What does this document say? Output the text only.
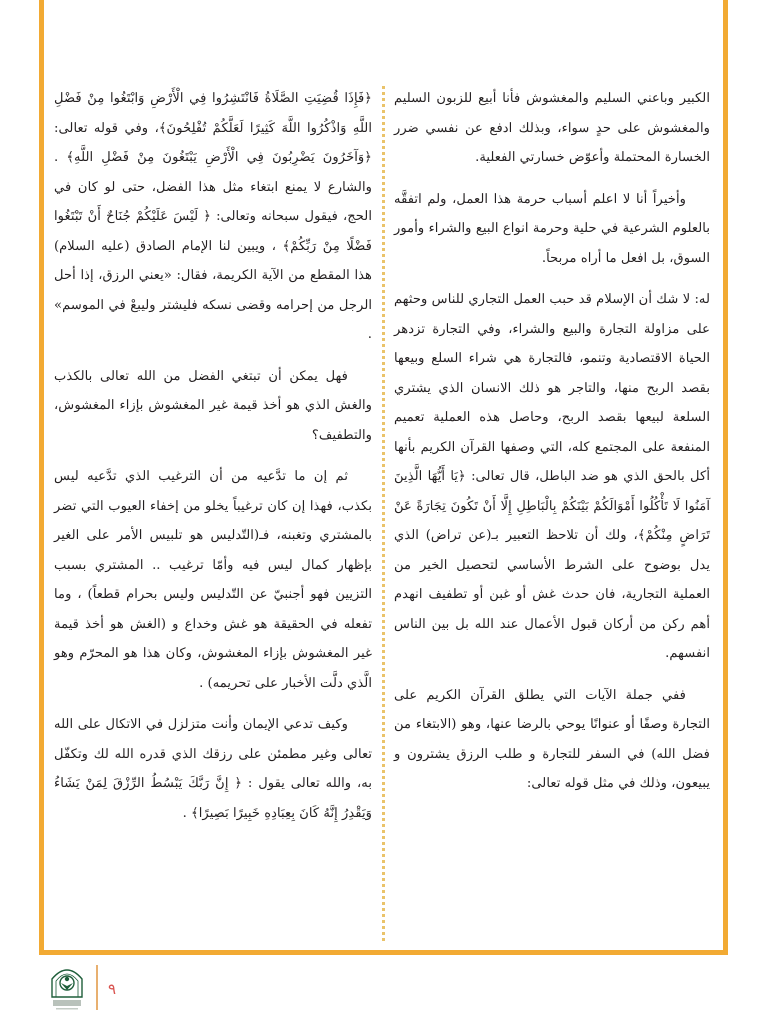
الكبير وباعني السليم والمغشوش فأنا أبيع للزبون السليم والمغشوش على حدٍ سواء، وبذلك ادفع عن نفسي ضرر الخسارة المحتملة وأعوّض خسارتي الفعلية.

وأخيراً أنا لا اعلم أسباب حرمة هذا العمل، ولم اتفقَّه بالعلوم الشرعية في حلية وحرمة انواع البيع والشراء وأمور السوق، بل افعل ما أراه مربحاً.

له: لا شك أن الإسلام قد حبب العمل التجاري للناس وحثهم على مزاولة التجارة والبيع والشراء، وفي التجارة تزدهر الحياة الاقتصادية وتنمو، فالتجارة هي شراء السلع وبيعها بقصد الربح منها، والتاجر هو ذلك الانسان الذي يشتري السلعة لبيعها بقصد الربح، وحاصل هذه العملية تعميم المنفعة على المجتمع كله، التي وصفها القرآن الكريم بأنها أكل بالحق الذي هو ضد الباطل، قال تعالى: ﴿يَا أَيُّهَا الَّذِينَ آمَنُوا لَا تَأْكُلُوا أَمْوَالَكُمْ بَيْنَكُمْ بِالْبَاطِلِ إِلَّا أَنْ تَكُونَ تِجَارَةً عَنْ تَرَاضٍ مِنْكُمْ﴾، ولك أن تلاحظ التعبير بـ(عن تراض) الذي يدل بوضوح على الشرط الأساسي لتحصيل الخير من العملية التجارية، فان حدث غش أو غبن أو تطفيف انهدم أهم ركن من أركان قبول الأعمال عند الله بل بين الناس انفسهم.

ففي جملة الآيات التي يطلق القرآن الكريم على التجارة وصفًا أو عنوانًا يوحي بالرضا عنها، وهو (الابتغاء من فضل الله) في السفر للتجارة و طلب الرزق يشترون و يبيعون، وذلك في مثل قوله تعالى:

﴿فَإِذَا قُضِيَتِ الصَّلَاةُ فَانْتَشِرُوا فِي الْأَرْضِ وَابْتَغُوا مِنْ فَضْلِ اللَّهِ وَاذْكُرُوا اللَّهَ كَثِيرًا لَعَلَّكُمْ تُفْلِحُونَ﴾، وفي قوله تعالى: ﴿وَآخَرُونَ يَضْرِبُونَ فِي الْأَرْضِ يَبْتَغُونَ مِنْ فَضْلِ اللَّهِ﴾ . والشارع لا يمنع ابتغاء مثل هذا الفضل، حتى لو كان في الحج، فيقول سبحانه وتعالى: ﴿ لَيْسَ عَلَيْكُمْ جُنَاحٌ أَنْ تَبْتَغُوا فَضْلًا مِنْ رَبِّكُمْ﴾ ، ويبين لنا الإمام الصادق (عليه السلام) هذا المقطع من الآية الكريمة، فقال: «يعني الرزق، إذا أحل الرجل من إحرامه وقضى نسكه فليشتر وليبعْ في الموسم» .

فهل يمكن أن تبتغي الفضل من الله تعالى بالكذب والغش الذي هو أخذ قيمة غير المغشوش بإزاء المغشوش، والتطفيف؟

ثم إن ما تدَّعيه من أن الترغيب الذي تدَّعيه ليس بكذب، فهذا إن كان ترغيباً يخلو من إخفاء العيوب التي تضر بالمشتري وتغبنه، فـ(التّدليس هو تلبيس الأمر على الغير بإظهار كمال ليس فيه وأمّا ترغيب .. المشتري بسبب التزيين فهو أجنبيّ عن التّدليس وليس بحرام قطعاً) ، وما تفعله في الحقيقة هو غش وخداع و (الغش هو أخذ قيمة غير المغشوش بإزاء المغشوش، وكان هذا هو المحرّم وهو الَّذي دلَّت الأخبار على تحريمه) .

وكيف تدعي الإيمان وأنت متزلزل في الاتكال على الله تعالى وغير مطمئن على رزقك الذي قدره الله لك وتكفّل به، والله تعالى يقول : ﴿ إِنَّ رَبَّكَ يَبْسُطُ الرِّزْقَ لِمَنْ يَشَاءُ وَيَقْدِرُ إِنَّهُ كَانَ بِعِبَادِهِ خَبِيرًا بَصِيرًا﴾ .

٩
